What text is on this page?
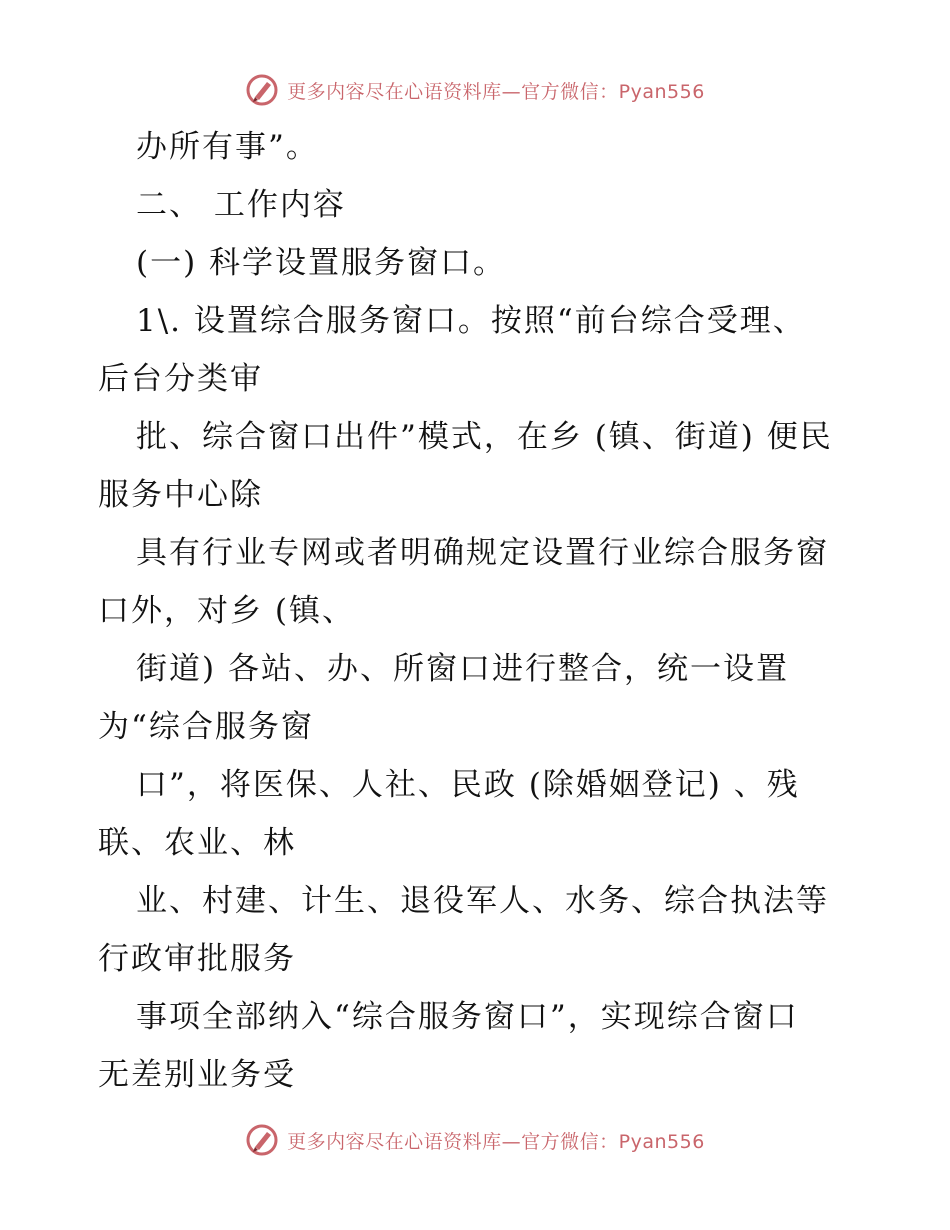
更多内容尽在心语资料库—官方微信：Pyan556
办所有事”。
二、 工作内容
(一) 科学设置服务窗口。
1\. 设置综合服务窗口。按照“前台综合受理、
后台分类审
批、综合窗口出件”模式，在乡 (镇、街道) 便民
服务中心除
具有行业专网或者明确规定设置行业综合服务窗
口外，对乡 (镇、
街道) 各站、办、所窗口进行整合，统一设置
为“综合服务窗
口”，将医保、人社、民政 (除婚姻登记) 、残
联、农业、林
业、村建、计生、退役军人、水务、综合执法等
行政审批服务
事项全部纳入“综合服务窗口”，实现综合窗口
无差别业务受
更多内容尽在心语资料库—官方微信：Pyan556
